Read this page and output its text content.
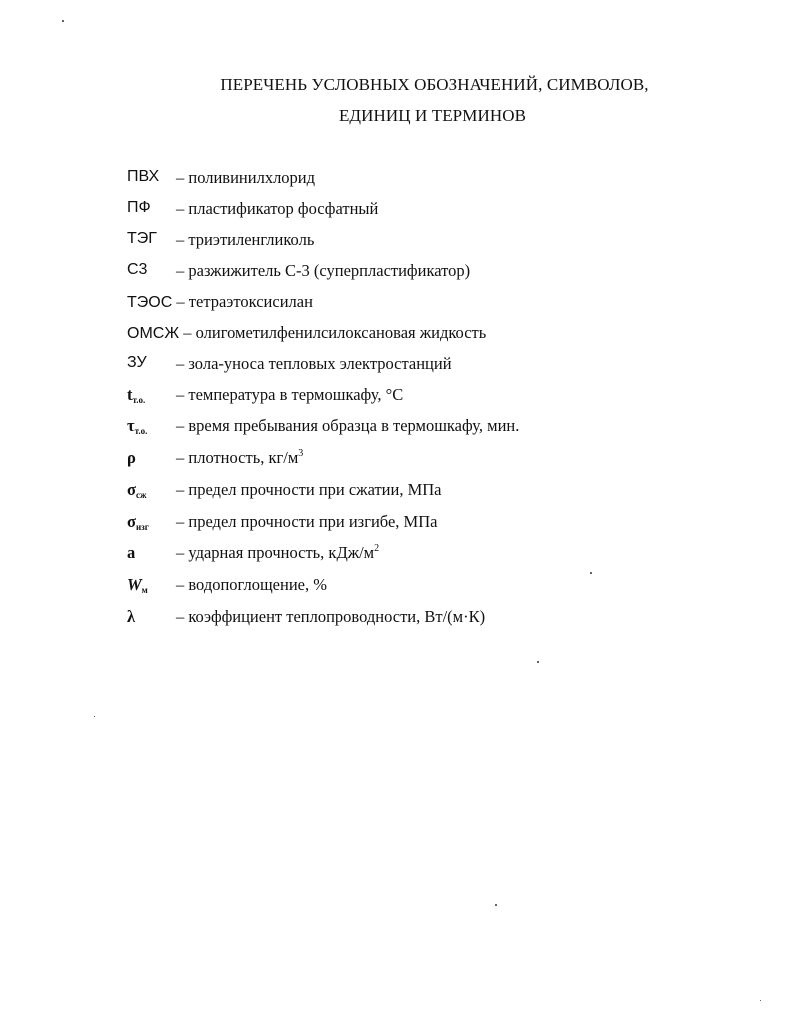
ПЕРЕЧЕНЬ УСЛОВНЫХ ОБОЗНАЧЕНИЙ, СИМВОЛОВ,
ЕДИНИЦ И ТЕРМИНОВ
ПВХ – поливинилхлорид
ПФ – пластификатор фосфатный
ТЭГ – триэтиленгликоль
С3 – разжижитель С-3 (суперпластификатор)
ТЭОС – тетраэтоксисилан
ОМСЖ – олигометилфенилсилоксановая жидкость
ЗУ – зола-уноса тепловых электростанций
$t_{т.о.}$ – температура в термошкафу, °С
$\tau_{т.о.}$ – время пребывания образца в термошкафу, мин.
ρ – плотность, $кг/м^3$
$\sigma_{сж}$ – предел прочности при сжатии, МПа
$\sigma_{изг}$ – предел прочности при изгибе, МПа
a – ударная прочность, кДж/$м^2$
$W_м$ – водопоглощение, %
λ – коэффициент теплопроводности, Вт/(м·К)
